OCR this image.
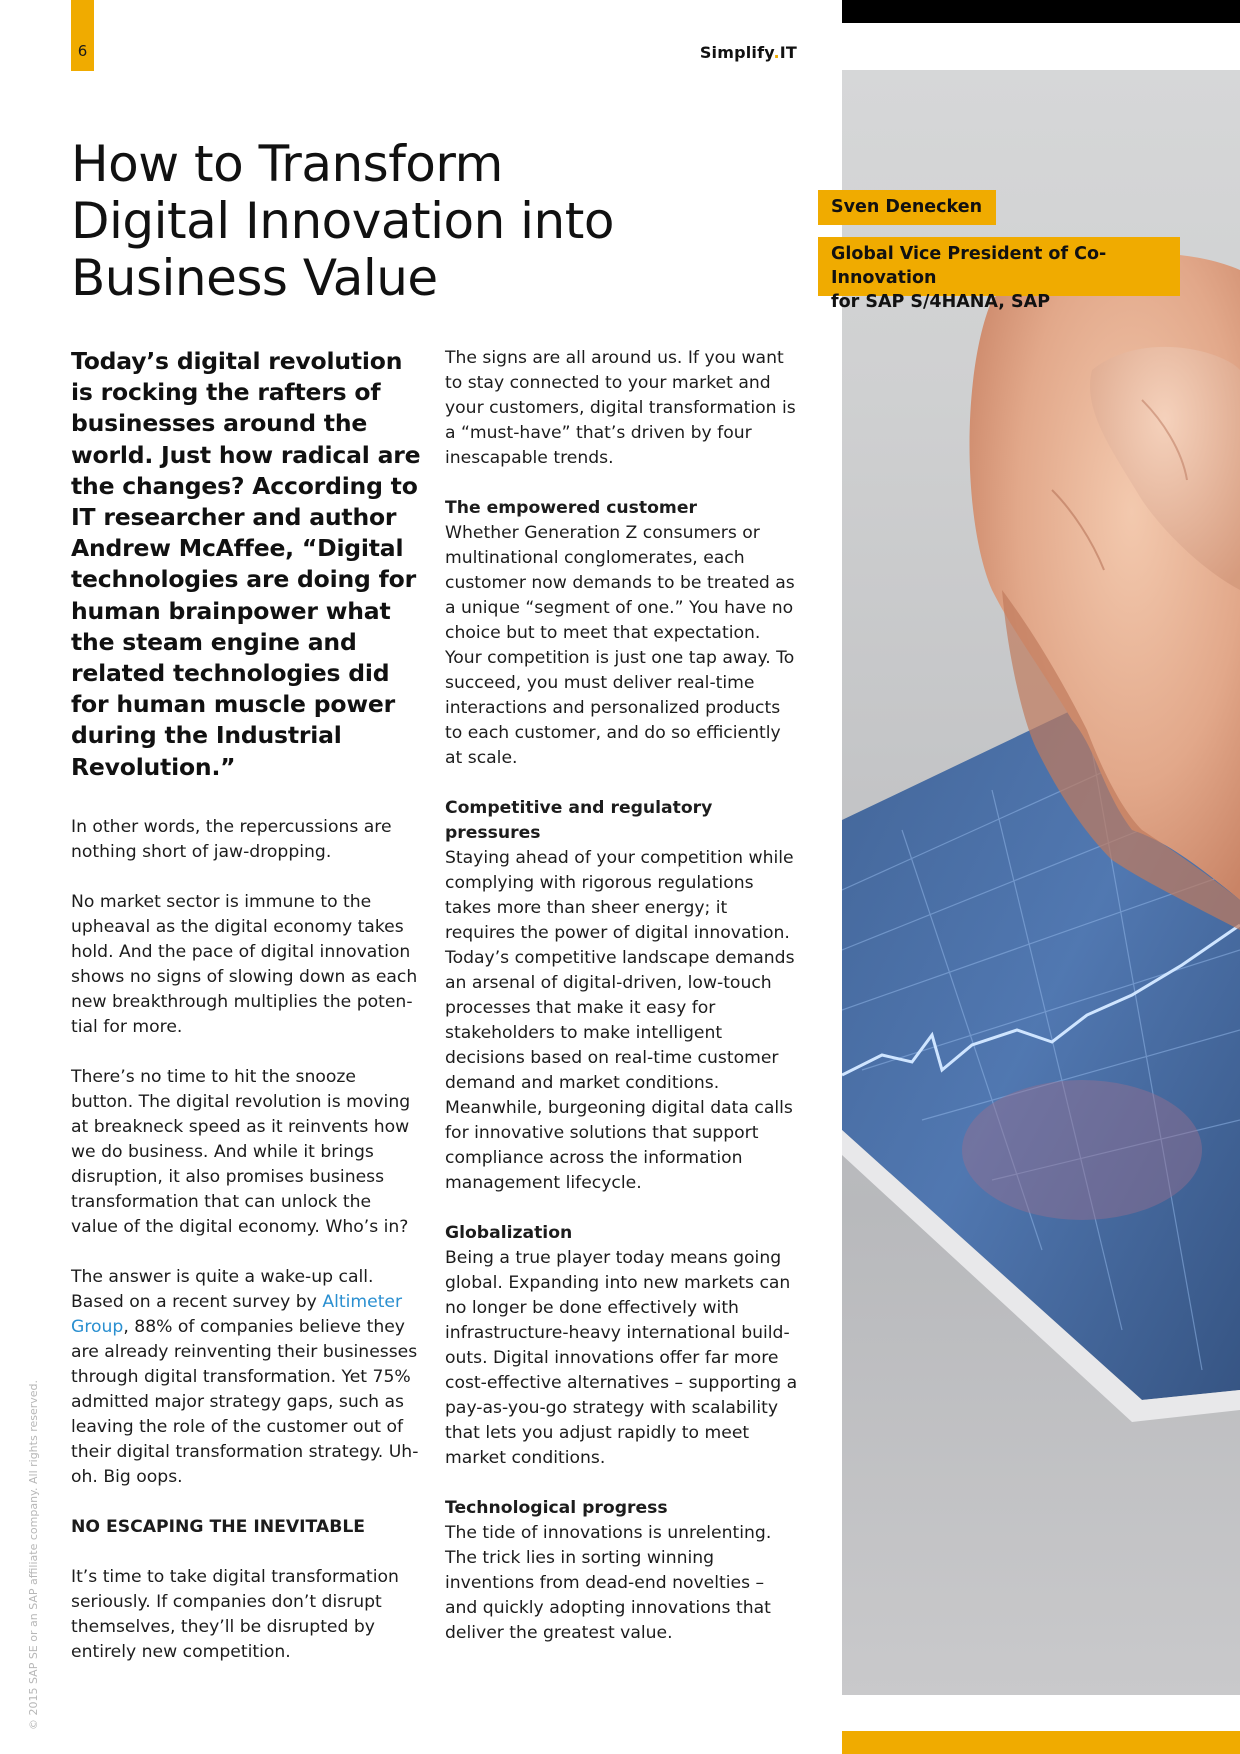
6	Simplify.IT
How to Transform
Digital Innovation into
Business Value

Today’s digital revolution is rocking the rafters of businesses around the world. Just how radical are the changes? According to IT researcher and author Andrew McAffee, “Digital technologies are doing for human brainpower what the steam engine and related technologies did for human muscle power during the Industrial Revolution.”

In other words, the repercussions are nothing short of jaw-dropping.

No market sector is immune to the upheaval as the digital economy takes hold. And the pace of digital innovation shows no signs of slowing down as each new breakthrough multiplies the potential for more.

There’s no time to hit the snooze button. The digital revolution is moving at breakneck speed as it reinvents how we do business. And while it brings disruption, it also promises business transformation that can unlock the value of the digital economy. Who’s in?

The answer is quite a wake-up call. Based on a recent survey by Altimeter Group, 88% of companies believe they are already reinventing their businesses through digital transformation. Yet 75% admitted major strategy gaps, such as leaving the role of the customer out of their digital transformation strategy. Uh-oh. Big oops.

NO ESCAPING THE INEVITABLE

It’s time to take digital transformation seriously. If companies don’t disrupt themselves, they’ll be disrupted by entirely new competition.

The signs are all around us. If you want to stay connected to your market and your customers, digital transformation is a “must-have” that’s driven by four inescapable trends.

The empowered customer
Whether Generation Z consumers or multinational conglomerates, each customer now demands to be treated as a unique “segment of one.” You have no choice but to meet that expectation. Your competition is just one tap away. To succeed, you must deliver real-time interactions and personalized products to each customer, and do so efficiently at scale.

Competitive and regulatory pressures
Staying ahead of your competition while complying with rigorous regulations takes more than sheer energy; it requires the power of digital innovation. Today’s competitive landscape demands an arsenal of digital-driven, low-touch processes that make it easy for stakeholders to make intelligent decisions based on real-time customer demand and market conditions. Meanwhile, burgeoning digital data calls for innovative solutions that support compliance across the information management lifecycle.

Globalization
Being a true player today means going global. Expanding into new markets can no longer be done effectively with infrastructure-heavy international buildouts. Digital innovations offer far more cost-effective alternatives – supporting a pay-as-you-go strategy with scalability that lets you adjust rapidly to meet market conditions.

Technological progress
The tide of innovations is unrelenting. The trick lies in sorting winning inventions from dead-end novelties – and quickly adopting innovations that deliver the greatest value.

© 2015 SAP SE or an SAP affiliate company. All rights reserved.
Sven Denecken
Global Vice President of Co-Innovation
for SAP S/4HANA, SAP
